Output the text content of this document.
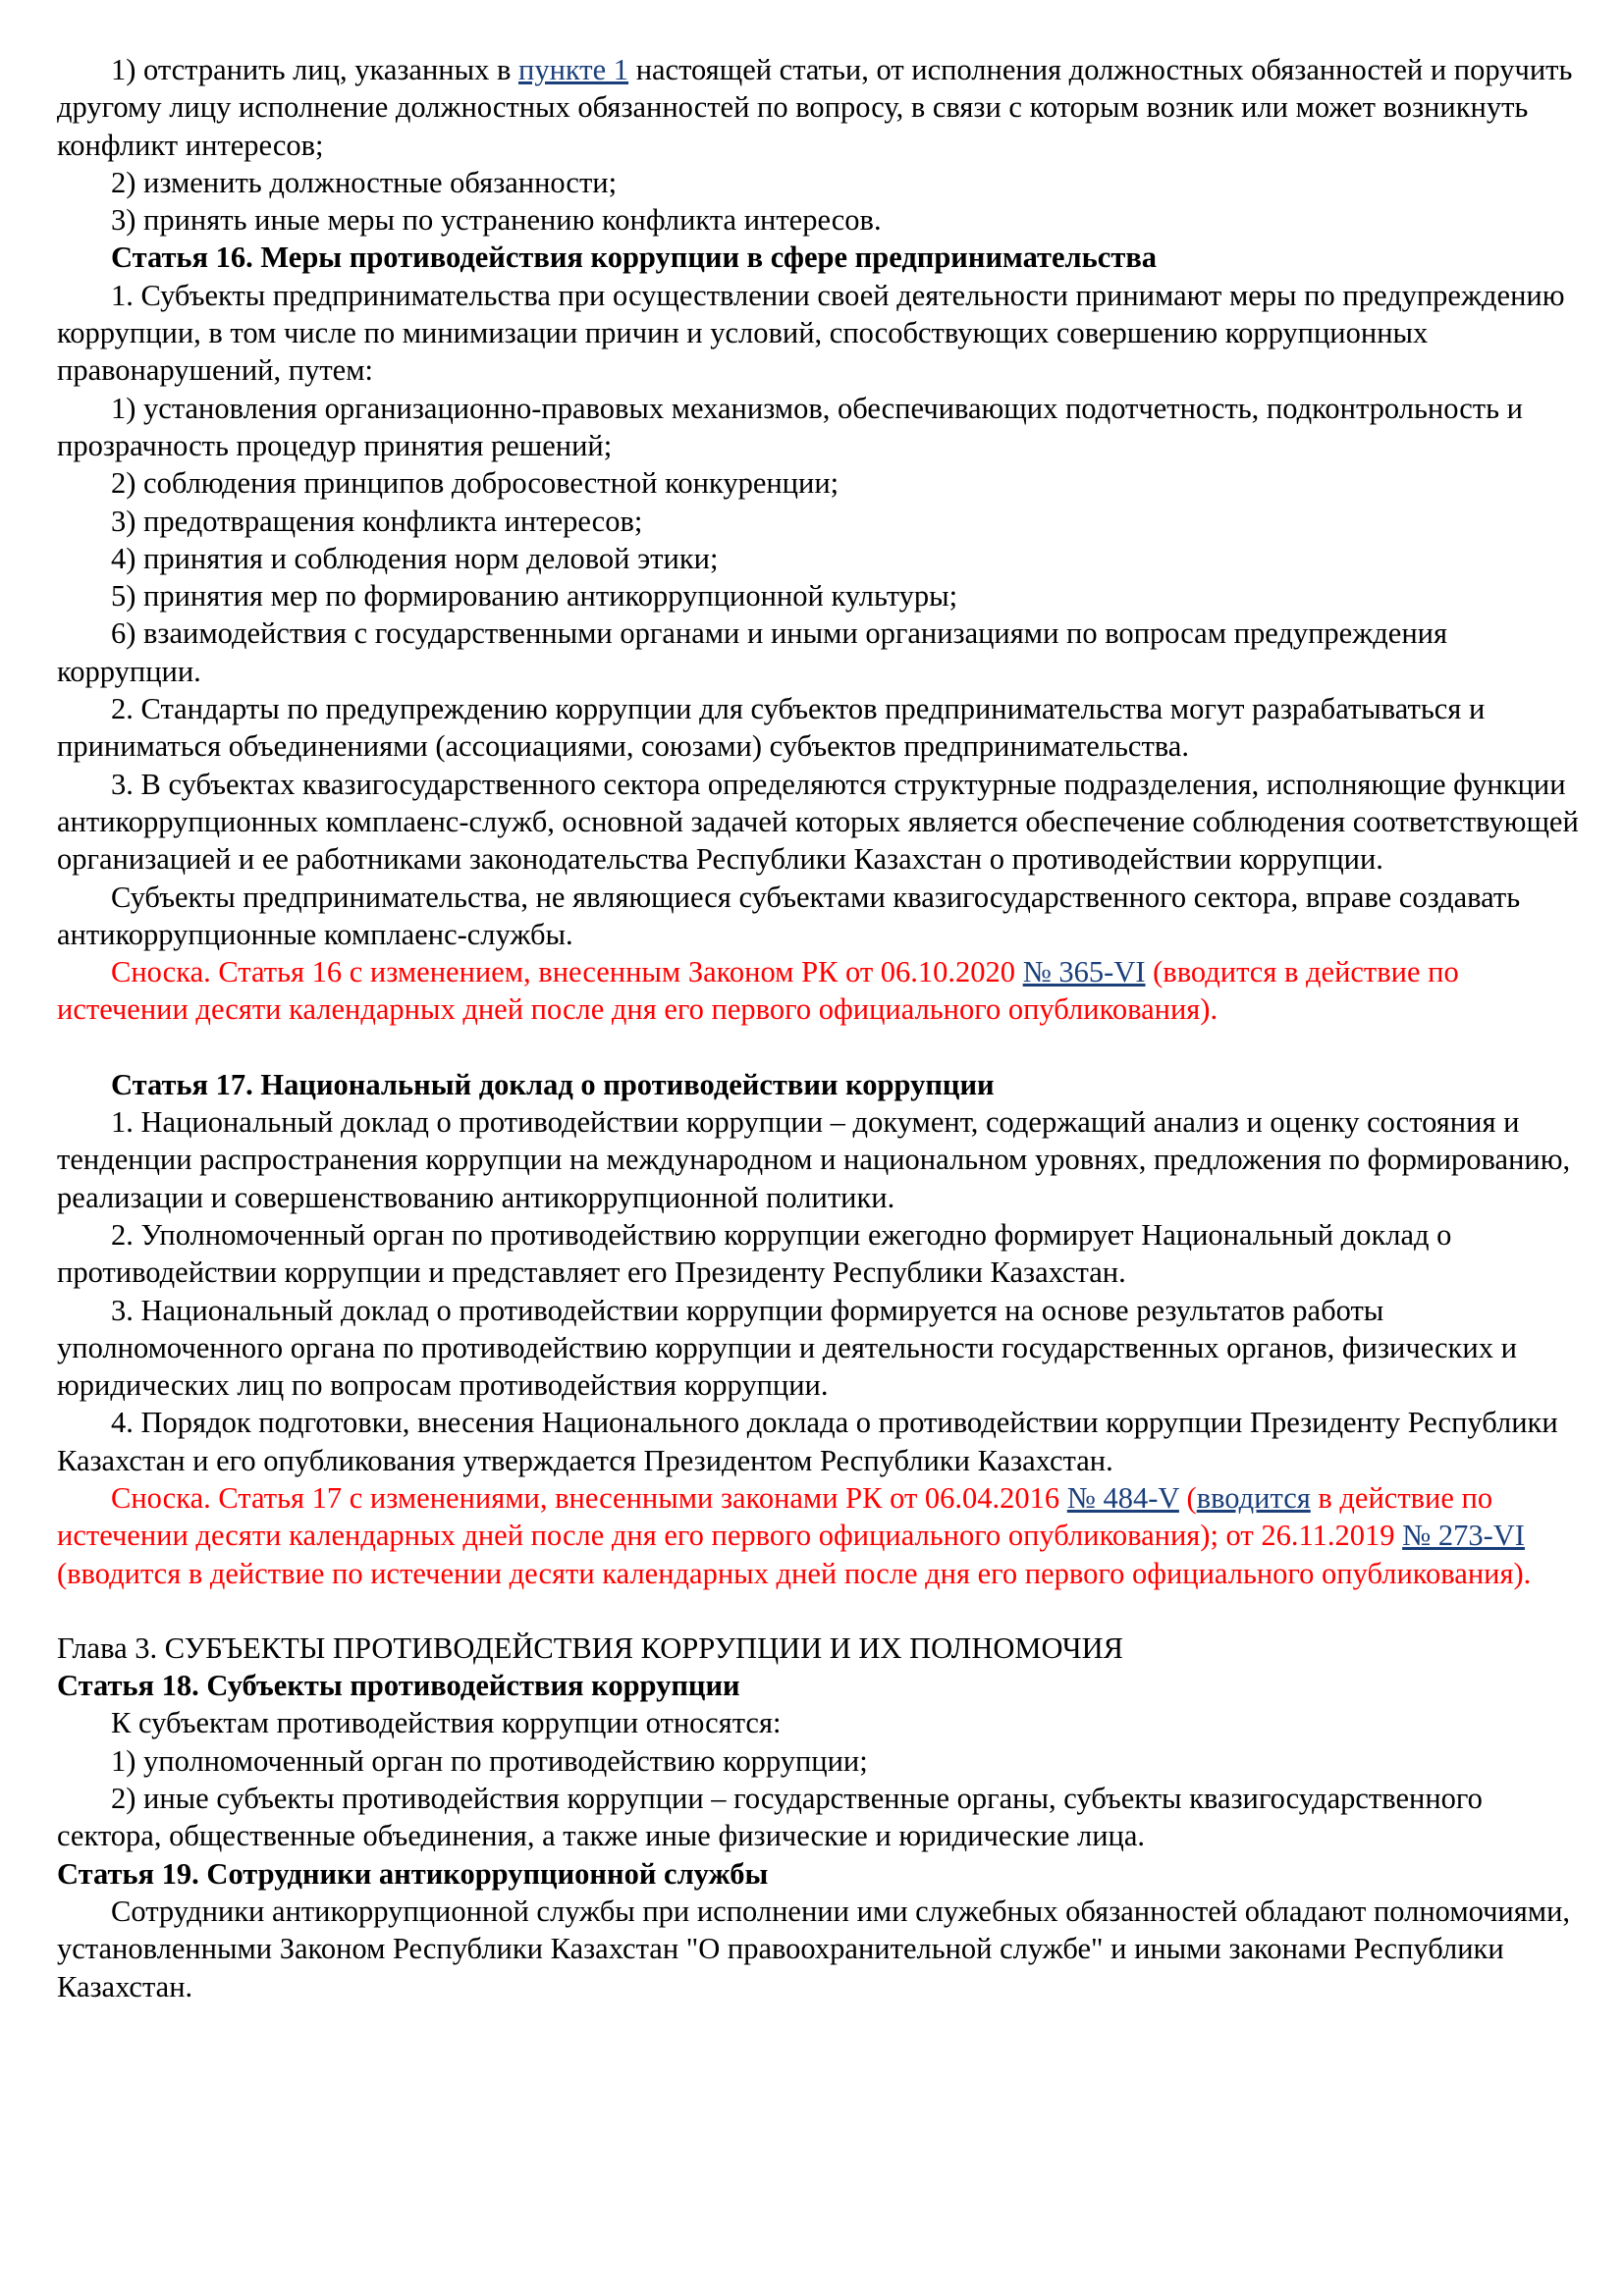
1) отстранить лиц, указанных в пункте 1 настоящей статьи, от исполнения должностных обязанностей и поручить другому лицу исполнение должностных обязанностей по вопросу, в связи с которым возник или может возникнуть конфликт интересов;

2) изменить должностные обязанности;

3) принять иные меры по устранению конфликта интересов.

Статья 16. Меры противодействия коррупции в сфере предпринимательства

1. Субъекты предпринимательства при осуществлении своей деятельности принимают меры по предупреждению коррупции, в том числе по минимизации причин и условий, способствующих совершению коррупционных правонарушений, путем:

1) установления организационно-правовых механизмов, обеспечивающих подотчетность, подконтрольность и прозрачность процедур принятия решений;

2) соблюдения принципов добросовестной конкуренции;

3) предотвращения конфликта интересов;

4) принятия и соблюдения норм деловой этики;

5) принятия мер по формированию антикоррупционной культуры;

6) взаимодействия с государственными органами и иными организациями по вопросам предупреждения коррупции.

2. Стандарты по предупреждению коррупции для субъектов предпринимательства могут разрабатываться и приниматься объединениями (ассоциациями, союзами) субъектов предпринимательства.

3. В субъектах квазигосударственного сектора определяются структурные подразделения, исполняющие функции антикоррупционных комплаенс-служб, основной задачей которых является обеспечение соблюдения соответствующей организацией и ее работниками законодательства Республики Казахстан о противодействии коррупции.

Субъекты предпринимательства, не являющиеся субъектами квазигосударственного сектора, вправе создавать антикоррупционные комплаенс-службы.

Сноска. Статья 16 с изменением, внесенным Законом РК от 06.10.2020 № 365-VI (вводится в действие по истечении десяти календарных дней после дня его первого официального опубликования).

Статья 17. Национальный доклад о противодействии коррупции

1. Национальный доклад о противодействии коррупции – документ, содержащий анализ и оценку состояния и тенденции распространения коррупции на международном и национальном уровнях, предложения по формированию, реализации и совершенствованию антикоррупционной политики.

2. Уполномоченный орган по противодействию коррупции ежегодно формирует Национальный доклад о противодействии коррупции и представляет его Президенту Республики Казахстан.

3. Национальный доклад о противодействии коррупции формируется на основе результатов работы уполномоченного органа по противодействию коррупции и деятельности государственных органов, физических и юридических лиц по вопросам противодействия коррупции.

4. Порядок подготовки, внесения Национального доклада о противодействии коррупции Президенту Республики Казахстан и его опубликования утверждается Президентом Республики Казахстан.

Сноска. Статья 17 с изменениями, внесенными законами РК от 06.04.2016 № 484-V (вводится в действие по истечении десяти календарных дней после дня его первого официального опубликования); от 26.11.2019 № 273-VI (вводится в действие по истечении десяти календарных дней после дня его первого официального опубликования).

Глава 3. СУБЪЕКТЫ ПРОТИВОДЕЙСТВИЯ КОРРУПЦИИ И ИХ ПОЛНОМОЧИЯ

Статья 18. Субъекты противодействия коррупции

К субъектам противодействия коррупции относятся:

1) уполномоченный орган по противодействию коррупции;

2) иные субъекты противодействия коррупции – государственные органы, субъекты квазигосударственного сектора, общественные объединения, а также иные физические и юридические лица.

Статья 19. Сотрудники антикоррупционной службы

Сотрудники антикоррупционной службы при исполнении ими служебных обязанностей обладают полномочиями, установленными Законом Республики Казахстан "О правоохранительной службе" и иными законами Республики Казахстан.
